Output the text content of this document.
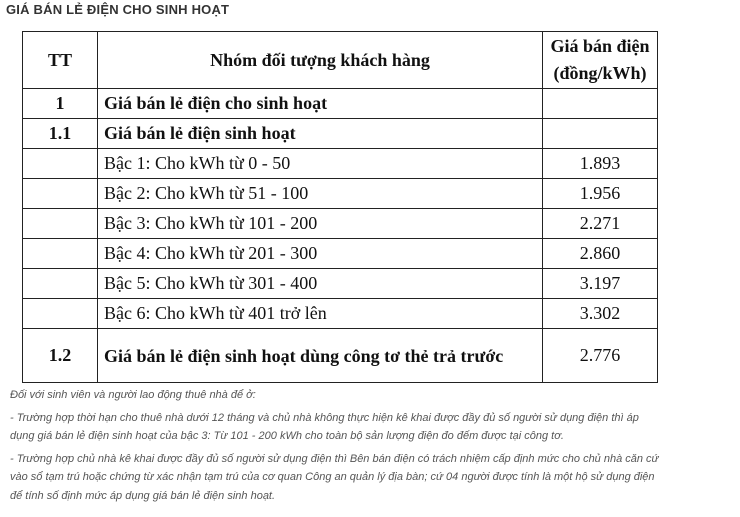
GIÁ BÁN LẺ ĐIỆN CHO SINH HOẠT
TT	Nhóm đối tượng khách hàng	Giá bán điện
(đồng/kWh)

1	Giá bán lẻ điện cho sinh hoạt	
1.1	Giá bán lẻ điện sinh hoạt	
	Bậc 1: Cho kWh từ 0 - 50	1.893
	Bậc 2: Cho kWh từ 51 - 100	1.956
	Bậc 3: Cho kWh từ 101 - 200	2.271
	Bậc 4: Cho kWh từ 201 - 300	2.860
	Bậc 5: Cho kWh từ 301 - 400	3.197
	Bậc 6: Cho kWh từ 401 trở lên	3.302
1.2	Giá bán lẻ điện sinh hoạt dùng công tơ thẻ trả trước	2.776

Đối với sinh viên và người lao động thuê nhà để ở:

- Trường hợp thời hạn cho thuê nhà dưới 12 tháng và chủ nhà không thực hiện kê khai được đầy đủ số người sử dụng điện thì áp dụng giá bán lẻ điện sinh hoạt của bậc 3: Từ 101 - 200 kWh cho toàn bộ sản lượng điện đo đếm được tại công tơ.

- Trường hợp chủ nhà kê khai được đầy đủ số người sử dụng điện thì Bên bán điện có trách nhiệm cấp định mức cho chủ nhà căn cứ vào sổ tạm trú hoặc chứng từ xác nhận tạm trú của cơ quan Công an quản lý địa bàn; cứ 04 người được tính là một hộ sử dụng điện để tính số định mức áp dụng giá bán lẻ điện sinh hoạt.
